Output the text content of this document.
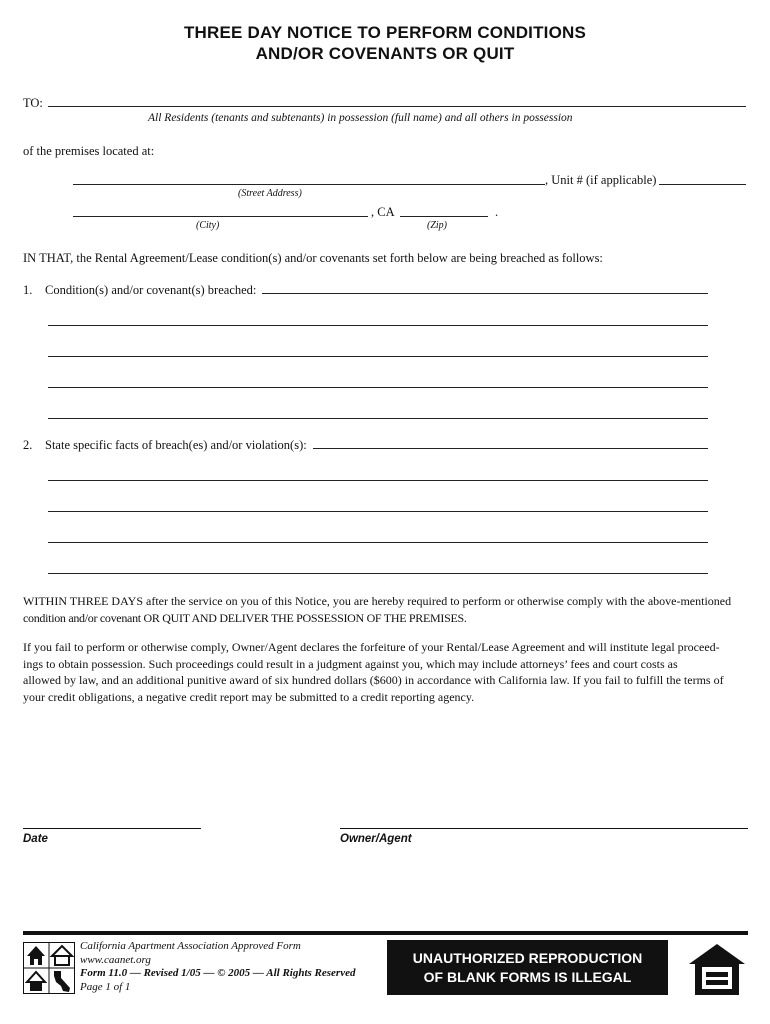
THREE DAY NOTICE TO PERFORM CONDITIONS
AND/OR COVENANTS OR QUIT
TO:
All Residents (tenants and subtenants) in possession (full name) and all others in possession
of the premises located at:
, Unit # (if applicable)
(Street Address)
, CA	.
(City)	(Zip)
IN THAT, the Rental Agreement/Lease condition(s) and/or covenants set forth below are being breached as follows:
1. Condition(s) and/or covenant(s) breached:
2. State specific facts of breach(es) and/or violation(s):
WITHIN THREE DAYS after the service on you of this Notice, you are hereby required to perform or otherwise comply with the above-mentioned
condition and/or covenant OR QUIT AND DELIVER THE POSSESSION OF THE PREMISES.
If you fail to perform or otherwise comply, Owner/Agent declares the forfeiture of your Rental/Lease Agreement and will institute legal proceed-
ings to obtain possession. Such proceedings could result in a judgment against you, which may include attorneys’ fees and court costs as
allowed by law, and an additional punitive award of six hundred dollars ($600) in accordance with California law. If you fail to fulfill the terms of
your credit obligations, a negative credit report may be submitted to a credit reporting agency.
Date	Owner/Agent
California Apartment Association Approved Form
www.caanet.org
Form 11.0 — Revised 1/05 — © 2005 — All Rights Reserved
Page 1 of 1
UNAUTHORIZED REPRODUCTION
OF BLANK FORMS IS ILLEGAL
